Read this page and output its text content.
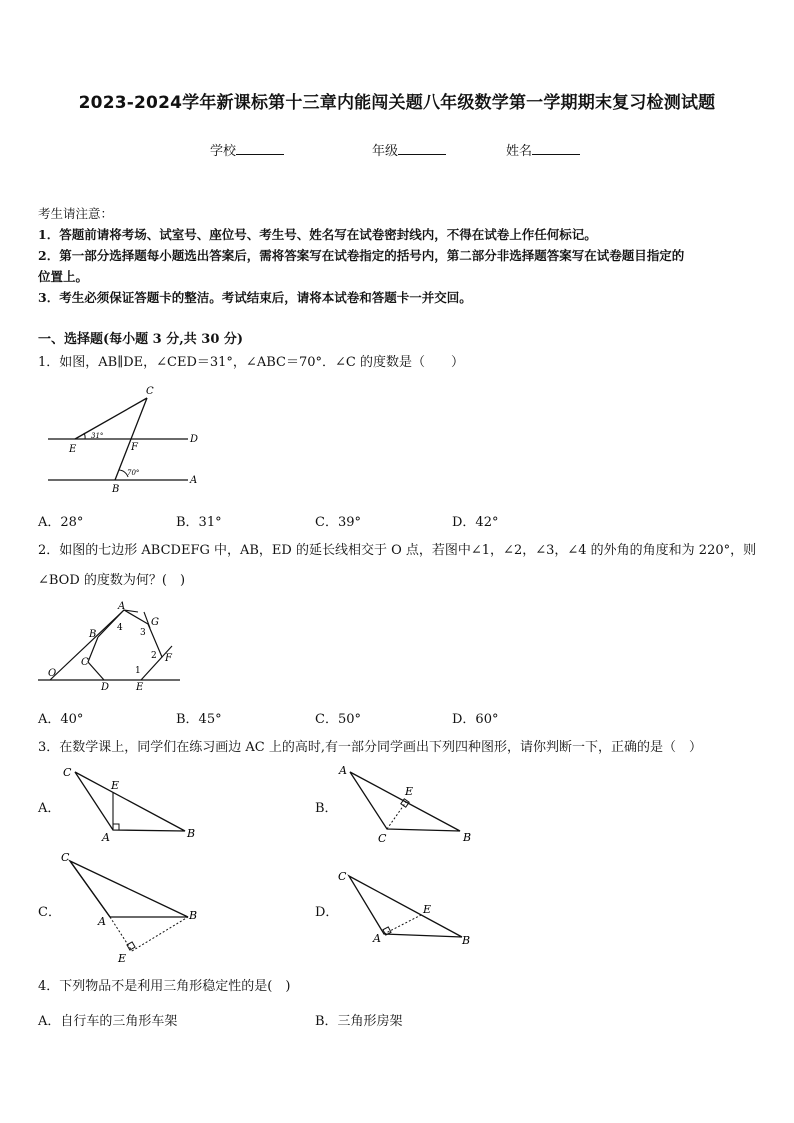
2023-2024学年新课标第十三章内能闯关题八年级数学第一学期期末复习检测试题
学校	年级	姓名
考生请注意：
1．答题前请将考场、试室号、座位号、考生号、姓名写在试卷密封线内，不得在试卷上作任何标记。
2．第一部分选择题每小题选出答案后，需将答案写在试卷指定的括号内，第二部分非选择题答案写在试卷题目指定的
位置上。
3．考生必须保证答题卡的整洁。考试结束后，请将本试卷和答题卡一并交回。
一、选择题(每小题 3 分,共 30 分)
1．如图，AB∥DE，∠CED＝31°，∠ABC＝70°．∠C 的度数是（　　）
C
D
E	F
A
B
31°
70°
A．28°	B．31°	C．39°	D．42°
2．如图的七边形 ABCDEFG 中，AB，ED 的延长线相交于 O 点，若图中∠1，∠2，∠3，∠4 的外角的角度和为 220°，则
∠BOD 的度数为何？(　)
A
B
C
D	E
F
G
O	1
2
3
4
A．40°	B．45°	C．50°	D．60°
3．在数学课上，同学们在练习画边 AC 上的高时,有一部分同学画出下列四种图形，请你判断一下，正确的是（　）
A．
C
E
A	B
B．
A
E
C	B
C．
C
A	B
E
D．
C
E
A	B
4．下列物品不是利用三角形稳定性的是(　)
A．自行车的三角形车架	B．三角形房架
